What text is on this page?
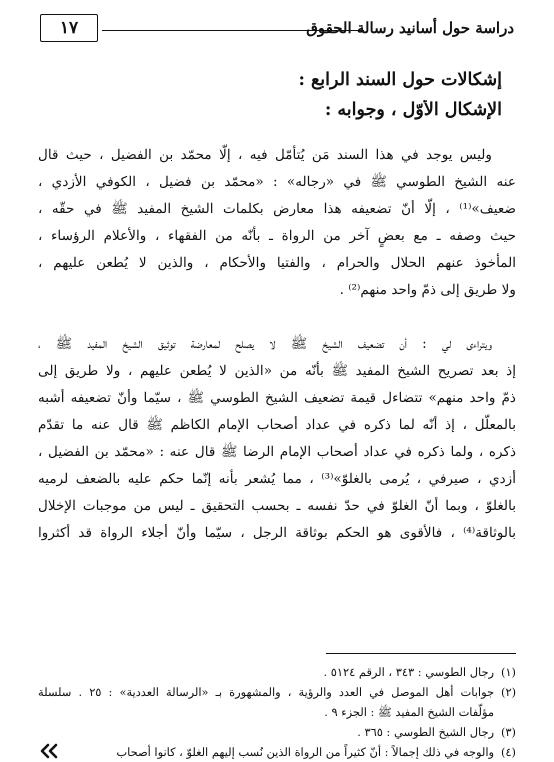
دراسة حول أسانيد رسالة الحقوق
١٧
إشكالات حول السند الرابع :
الإشكال الأوّل ، وجوابه :
وليس يوجد في هذا السند مَن يُتأمّل فيه ، إلّا محمّد بن الفضيل ، حيث قال
عنه الشيخ الطوسي ﷺ في «رجاله» : «محمّد بن فضيل ، الكوفي الأزدي ،
ضعيف»⁽¹⁾ ، إلّا أنّ تضعيفه هذا معارض بكلمات الشيخ المفيد ﷺ في حقّه ،
حيث وصفه ـ مع بعضٍ آخر من الرواة ـ بأنّه من الفقهاء ، والأعلام الرؤساء ،
المأخوذ عنهم الحلال والحرام ، والفتيا والأحكام ، والذين لا يُطعن عليهم ،
ولا طريق إلى ذمّ واحد منهم⁽²⁾ .
ويتراءى لي : أن تضعيف الشيخ ﷺ لا يصلح لمعارضة توثيق الشيخ المفيد ﷺ ،
إذ بعد تصريح الشيخ المفيد ﷺ بأنّه من «الذين لا يُطعن عليهم ، ولا طريق إلى
ذمّ واحد منهم» تتضاءل قيمة تضعيف الشيخ الطوسي ﷺ ، سيّما وأنّ تضعيفه أشبه
بالمعلّل ، إذ أنّه لما ذكره في عداد أصحاب الإمام الكاظم ﷺ قال عنه ما تقدّم
ذكره ، ولما ذكره في عداد أصحاب الإمام الرضا ﷺ قال عنه : «محمّد بن الفضيل ،
أزدي ، صيرفي ، يُرمى بالغلوّ»⁽³⁾ ، مما يُشعر بأنه إنّما حكم عليه بالضعف لرميه
بالغلوّ ، وبما أنّ الغلوّ في حدّ نفسه ـ بحسب التحقيق ـ ليس من موجبات الإخلال
بالوثاقة⁽⁴⁾ ، فالأقوى هو الحكم بوثاقة الرجل ، سيّما وأنّ أجلاء الرواة قد أكثروا
(١)رجال الطوسي : ٣٤٣ ، الرقم ٥١٢٤ .
(٢)جوابات أهل الموصل في العدد والرؤية ، والمشهورة بـ «الرسالة العددية» : ٢٥ . سلسلة
مؤلّفات الشيخ المفيد ﷺ : الجزء ٩ .
(٣)رجال الشيخ الطوسي : ٣٦٥ .
(٤)والوجه في ذلك إجمالاً : أنّ كثيراً من الرواة الذين نُسب إليهم الغلوّ ، كانوا أصحاب
